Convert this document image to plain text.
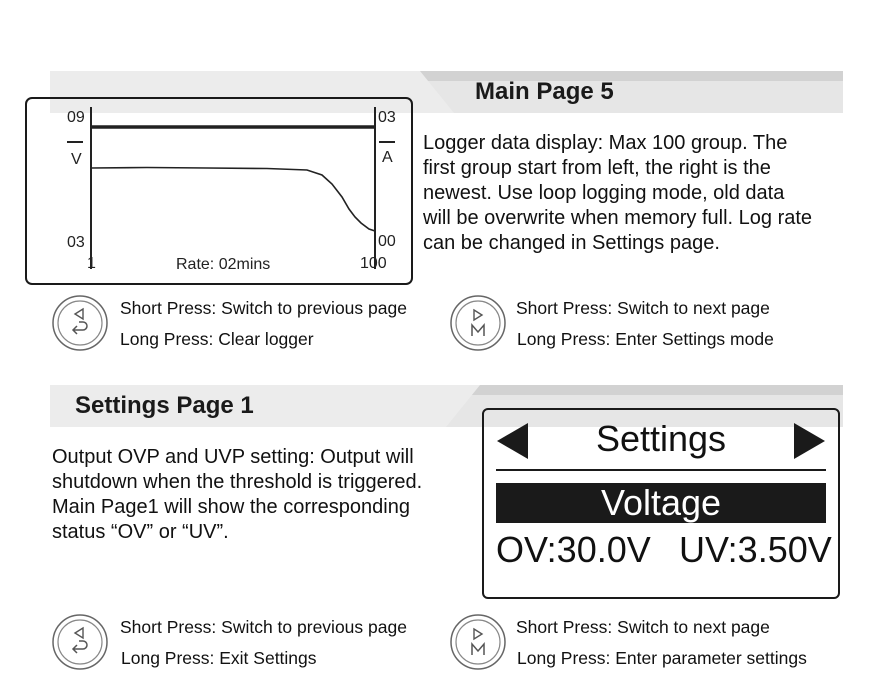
Main Page 5
09
V
03
03
A
00
1	Rate: 02mins	100
Logger data display: Max 100 group. The
first group start from left, the right is the
newest. Use loop logging mode, old data
will be overwrite when memory full. Log rate
can be changed in Settings page.
Short Press: Switch to previous page
Long Press: Clear logger
Short Press: Switch to next page
Long Press: Enter Settings mode
Settings Page 1
Output OVP and UVP setting: Output will
shutdown when the threshold is triggered.
Main Page1 will show the corresponding
status “OV” or “UV”.
Settings
Voltage
OV:30.0V UV:3.50V
Short Press: Switch to previous page
Long Press: Exit Settings
Short Press: Switch to next page
Long Press: Enter parameter settings
